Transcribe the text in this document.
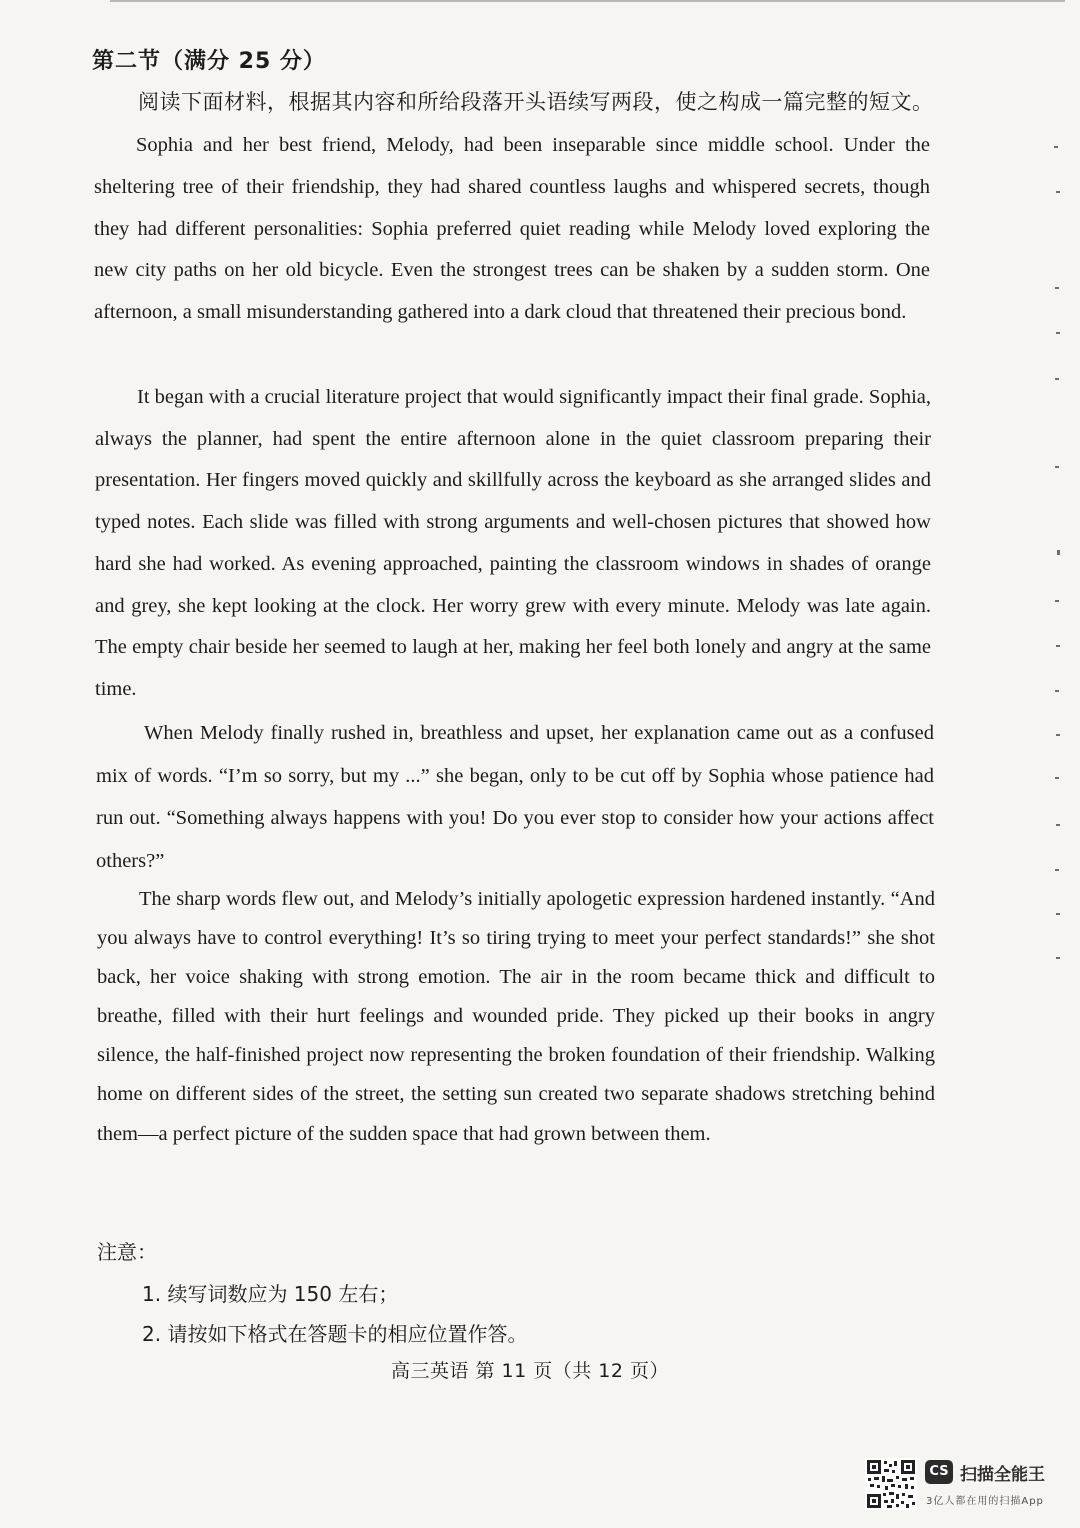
第二节（满分 25 分）
阅读下面材料，根据其内容和所给段落开头语续写两段，使之构成一篇完整的短文。

Sophia and her best friend, Melody, had been inseparable since middle school. Under the sheltering tree of their friendship, they had shared countless laughs and whispered secrets, though they had different personalities: Sophia preferred quiet reading while Melody loved exploring the new city paths on her old bicycle. Even the strongest trees can be shaken by a sudden storm. One afternoon, a small misunderstanding gathered into a dark cloud that threatened their precious bond.

It began with a crucial literature project that would significantly impact their final grade. Sophia, always the planner, had spent the entire afternoon alone in the quiet classroom preparing their presentation. Her fingers moved quickly and skillfully across the keyboard as she arranged slides and typed notes. Each slide was filled with strong arguments and well-chosen pictures that showed how hard she had worked. As evening approached, painting the classroom windows in shades of orange and grey, she kept looking at the clock. Her worry grew with every minute. Melody was late again. The empty chair beside her seemed to laugh at her, making her feel both lonely and angry at the same time.

When Melody finally rushed in, breathless and upset, her explanation came out as a confused mix of words. “I’m so sorry, but my ...” she began, only to be cut off by Sophia whose patience had run out. “Something always happens with you! Do you ever stop to consider how your actions affect others?”

The sharp words flew out, and Melody’s initially apologetic expression hardened instantly. “And you always have to control everything! It’s so tiring trying to meet your perfect standards!” she shot back, her voice shaking with strong emotion. The air in the room became thick and difficult to breathe, filled with their hurt feelings and wounded pride. They picked up their books in angry silence, the half-finished project now representing the broken foundation of their friendship. Walking home on different sides of the street, the setting sun created two separate shadows stretching behind them—a perfect picture of the sudden space that had grown between them.

注意：
1. 续写词数应为 150 左右；
2. 请按如下格式在答题卡的相应位置作答。
高三英语 第 11 页（共 12 页）
CS 扫描全能王
3亿人都在用的扫描App
